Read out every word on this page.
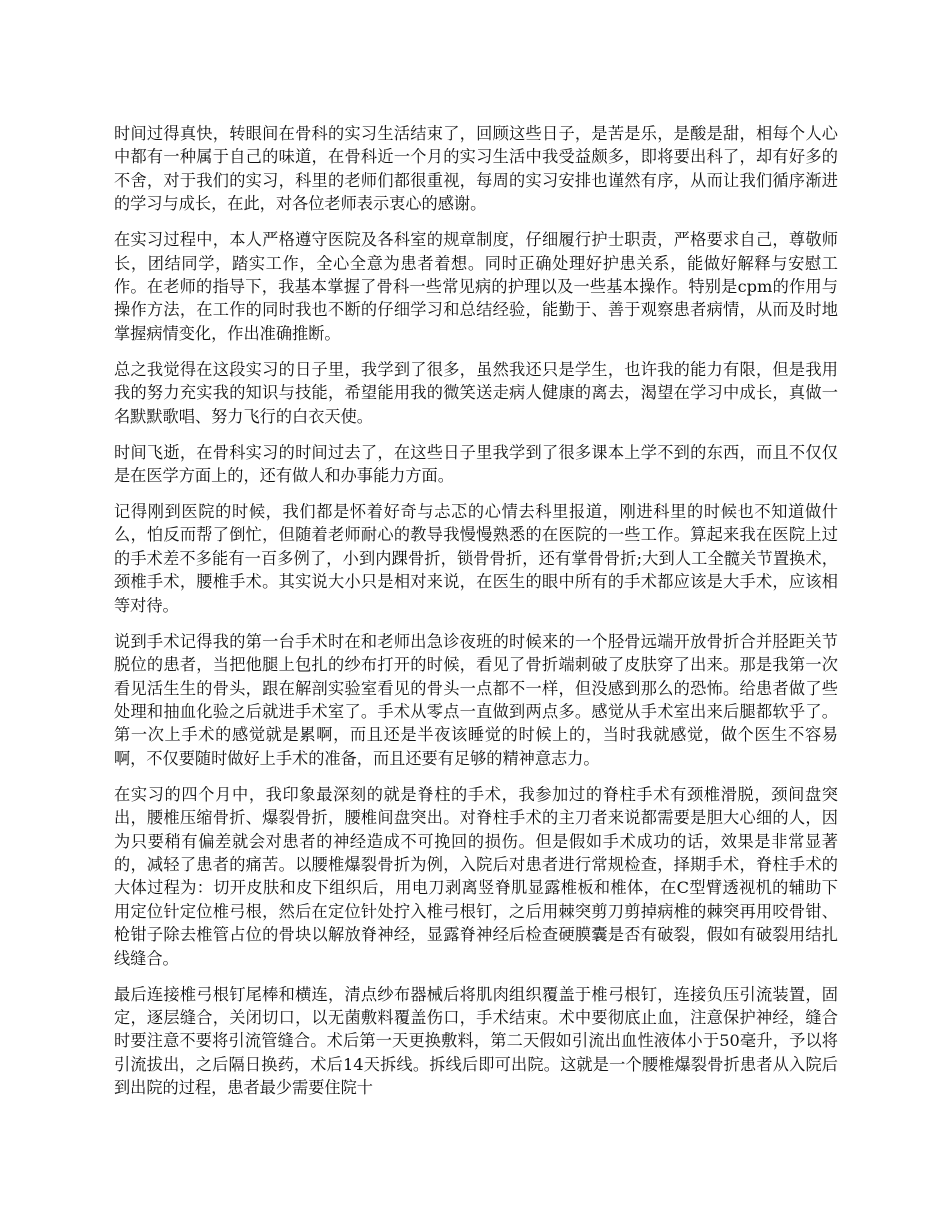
时间过得真快，转眼间在骨科的实习生活结束了，回顾这些日子，是苦是乐，是酸是甜，相每个人心中都有一种属于自己的味道，在骨科近一个月的实习生活中我受益颇多，即将要出科了，却有好多的不舍，对于我们的实习，科里的老师们都很重视，每周的实习安排也谨然有序，从而让我们循序渐进的学习与成长，在此，对各位老师表示衷心的感谢。

在实习过程中，本人严格遵守医院及各科室的规章制度，仔细履行护士职责，严格要求自己，尊敬师长，团结同学，踏实工作，全心全意为患者着想。同时正确处理好护患关系，能做好解释与安慰工作。在老师的指导下，我基本掌握了骨科一些常见病的护理以及一些基本操作。特别是cpm的作用与操作方法，在工作的同时我也不断的仔细学习和总结经验，能勤于、善于观察患者病情，从而及时地掌握病情变化，作出准确推断。

总之我觉得在这段实习的日子里，我学到了很多，虽然我还只是学生，也许我的能力有限，但是我用我的努力充实我的知识与技能，希望能用我的微笑送走病人健康的离去，渴望在学习中成长，真做一名默默歌唱、努力飞行的白衣天使。

时间飞逝，在骨科实习的时间过去了，在这些日子里我学到了很多课本上学不到的东西，而且不仅仅是在医学方面上的，还有做人和办事能力方面。

记得刚到医院的时候，我们都是怀着好奇与忐忑的心情去科里报道，刚进科里的时候也不知道做什么，怕反而帮了倒忙，但随着老师耐心的教导我慢慢熟悉的在医院的一些工作。算起来我在医院上过的手术差不多能有一百多例了，小到内踝骨折，锁骨骨折，还有掌骨骨折;大到人工全髋关节置换术，颈椎手术，腰椎手术。其实说大小只是相对来说，在医生的眼中所有的手术都应该是大手术，应该相等对待。

说到手术记得我的第一台手术时在和老师出急诊夜班的时候来的一个胫骨远端开放骨折合并胫距关节脱位的患者，当把他腿上包扎的纱布打开的时候，看见了骨折端刺破了皮肤穿了出来。那是我第一次看见活生生的骨头，跟在解剖实验室看见的骨头一点都不一样，但没感到那么的恐怖。给患者做了些处理和抽血化验之后就进手术室了。手术从零点一直做到两点多。感觉从手术室出来后腿都软乎了。第一次上手术的感觉就是累啊，而且还是半夜该睡觉的时候上的，当时我就感觉，做个医生不容易啊，不仅要随时做好上手术的准备，而且还要有足够的精神意志力。

在实习的四个月中，我印象最深刻的就是脊柱的手术，我参加过的脊柱手术有颈椎滑脱，颈间盘突出，腰椎压缩骨折、爆裂骨折，腰椎间盘突出。对脊柱手术的主刀者来说都需要是胆大心细的人，因为只要稍有偏差就会对患者的神经造成不可挽回的损伤。但是假如手术成功的话，效果是非常显著的，减轻了患者的痛苦。以腰椎爆裂骨折为例，入院后对患者进行常规检查，择期手术，脊柱手术的大体过程为：切开皮肤和皮下组织后，用电刀剥离竖脊肌显露椎板和椎体，在C型臂透视机的辅助下用定位针定位椎弓根，然后在定位针处拧入椎弓根钉，之后用棘突剪刀剪掉病椎的棘突再用咬骨钳、枪钳子除去椎管占位的骨块以解放脊神经，显露脊神经后检查硬膜囊是否有破裂，假如有破裂用结扎线缝合。

最后连接椎弓根钉尾棒和横连，清点纱布器械后将肌肉组织覆盖于椎弓根钉，连接负压引流装置，固定，逐层缝合，关闭切口，以无菌敷料覆盖伤口，手术结束。术中要彻底止血，注意保护神经，缝合时要注意不要将引流管缝合。术后第一天更换敷料，第二天假如引流出血性液体小于50毫升，予以将引流拔出，之后隔日换药，术后14天拆线。拆线后即可出院。这就是一个腰椎爆裂骨折患者从入院后到出院的过程，患者最少需要住院十
